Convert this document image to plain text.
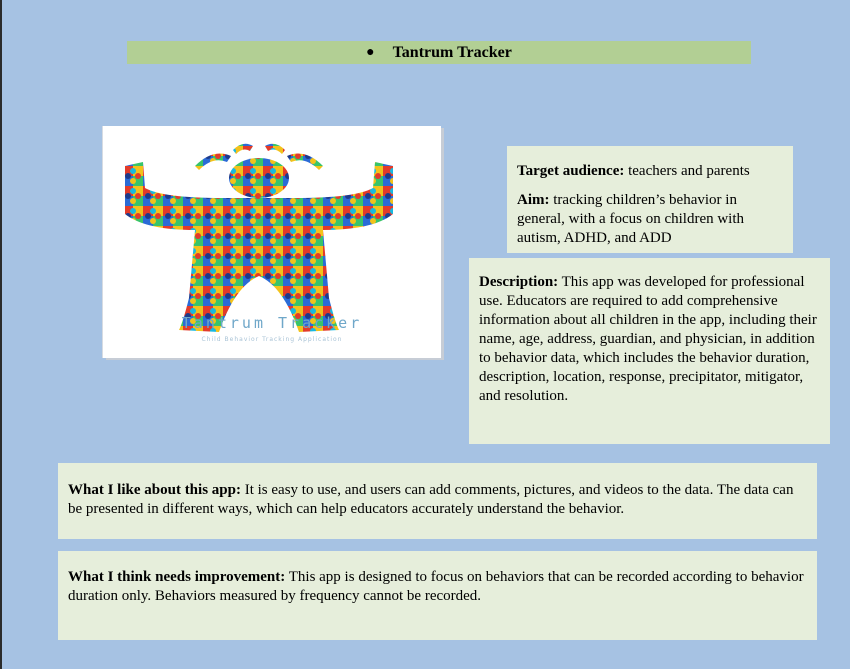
● Tantrum Tracker
Tantrum Tracker
Child Behavior Tracking Application

Target audience: teachers and parents

Aim: tracking children’s behavior in general, with a focus on children with autism, ADHD, and ADD

Description: This app was developed for professional use. Educators are required to add comprehensive information about all children in the app, including their name, age, address, guardian, and physician, in addition to behavior data, which includes the behavior duration, description, location, response, precipitator, mitigator, and resolution.

What I like about this app: It is easy to use, and users can add comments, pictures, and videos to the data. The data can be presented in different ways, which can help educators accurately understand the behavior.

What I think needs improvement: This app is designed to focus on behaviors that can be recorded according to behavior duration only. Behaviors measured by frequency cannot be recorded.
